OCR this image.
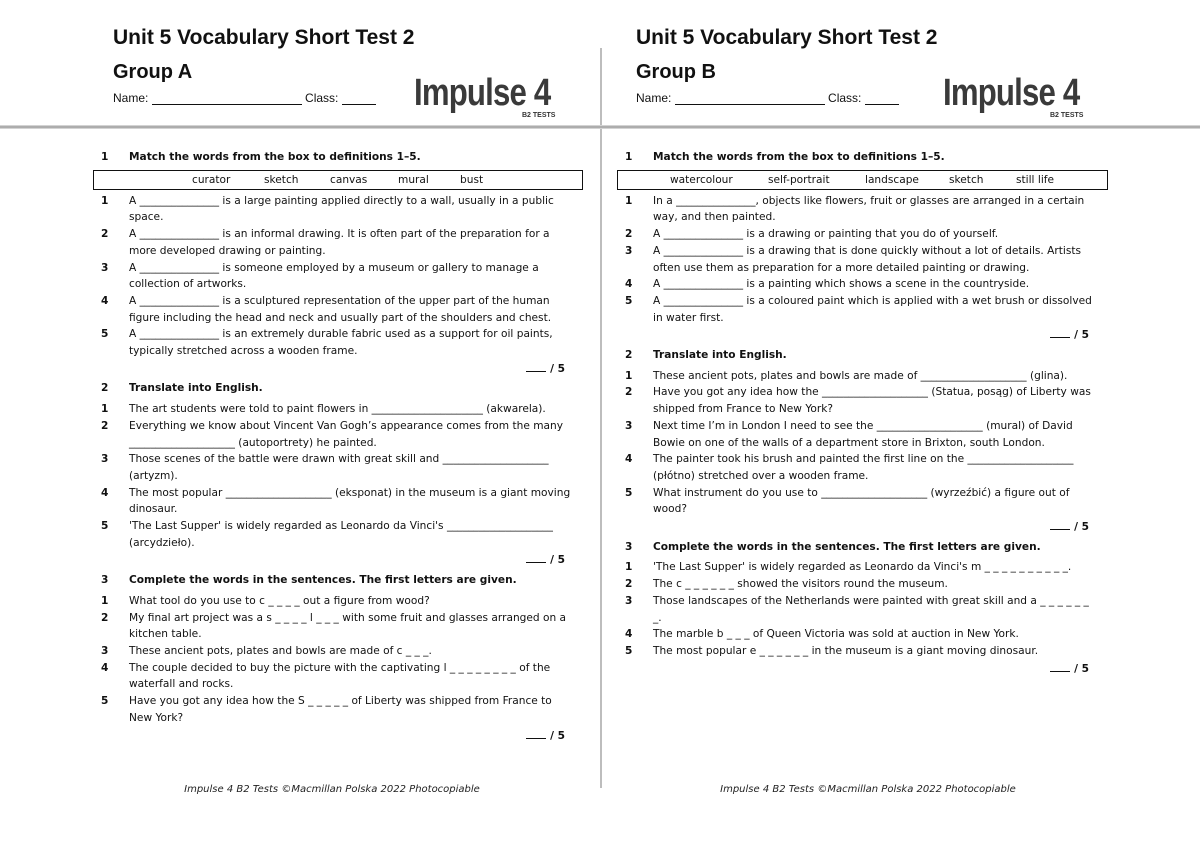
Unit 5 Vocabulary Short Test 2
Group A
Name:	Class:	Impulse 4
B2 TESTS
1	Match the words from the box to definitions 1–5.
curator	sketch	canvas	mural	bust
1	A _______________ is a large painting applied directly to a wall, usually in a public space.
2	A _______________ is an informal drawing. It is often part of the preparation for a more developed drawing or painting.
3	A _______________ is someone employed by a museum or gallery to manage a collection of artworks.
4	A _______________ is a sculptured representation of the upper part of the human figure including the head and neck and usually part of the shoulders and chest.
5	A _______________ is an extremely durable fabric used as a support for oil paints, typically stretched across a wooden frame.
/ 5
2	Translate into English.
1	The art students were told to paint flowers in _____________________ (akwarela).
2	Everything we know about Vincent Van Gogh’s appearance comes from the many ____________________ (autoportrety) he painted.
3	Those scenes of the battle were drawn with great skill and ____________________ (artyzm).
4	The most popular ____________________ (eksponat) in the museum is a giant moving dinosaur.
5	'The Last Supper' is widely regarded as Leonardo da Vinci's ____________________ (arcydzieło).
/ 5
3	Complete the words in the sentences. The first letters are given.
1	What tool do you use to c _ _ _ _ out a figure from wood?
2	My final art project was a s _ _ _ _ l _ _ _ with some fruit and glasses arranged on a kitchen table.
3	These ancient pots, plates and bowls are made of c _ _ _.
4	The couple decided to buy the picture with the captivating l _ _ _ _ _ _ _ _ of the waterfall and rocks.
5	Have you got any idea how the S _ _ _ _ _ of Liberty was shipped from France to New York?
/ 5
Impulse 4 B2 Tests ©Macmillan Polska 2022 Photocopiable
Unit 5 Vocabulary Short Test 2
Group B
Name:	Class:	Impulse 4
B2 TESTS
1	Match the words from the box to definitions 1–5.
watercolour	self-portrait	landscape	sketch	still life
1	In a _______________, objects like flowers, fruit or glasses are arranged in a certain way, and then painted.
2	A _______________ is a drawing or painting that you do of yourself.
3	A _______________ is a drawing that is done quickly without a lot of details. Artists often use them as preparation for a more detailed painting or drawing.
4	A _______________ is a painting which shows a scene in the countryside.
5	A _______________ is a coloured paint which is applied with a wet brush or dissolved in water first.
/ 5
2	Translate into English.
1	These ancient pots, plates and bowls are made of ____________________ (glina).
2	Have you got any idea how the ____________________ (Statua, posąg) of Liberty was shipped from France to New York?
3	Next time I’m in London I need to see the ____________________ (mural) of David Bowie on one of the walls of a department store in Brixton, south London.
4	The painter took his brush and painted the first line on the ____________________ (płótno) stretched over a wooden frame.
5	What instrument do you use to ____________________ (wyrzeźbić) a figure out of wood?
/ 5
3	Complete the words in the sentences. The first letters are given.
1	'The Last Supper' is widely regarded as Leonardo da Vinci's m _ _ _ _ _ _ _ _ _ _.
2	The c _ _ _ _ _ _ showed the visitors round the museum.
3	Those landscapes of the Netherlands were painted with great skill and a _ _ _ _ _ _ _.
4	The marble b _ _ _ of Queen Victoria was sold at auction in New York.
5	The most popular e _ _ _ _ _ _ in the museum is a giant moving dinosaur.
/ 5
Impulse 4 B2 Tests ©Macmillan Polska 2022 Photocopiable
